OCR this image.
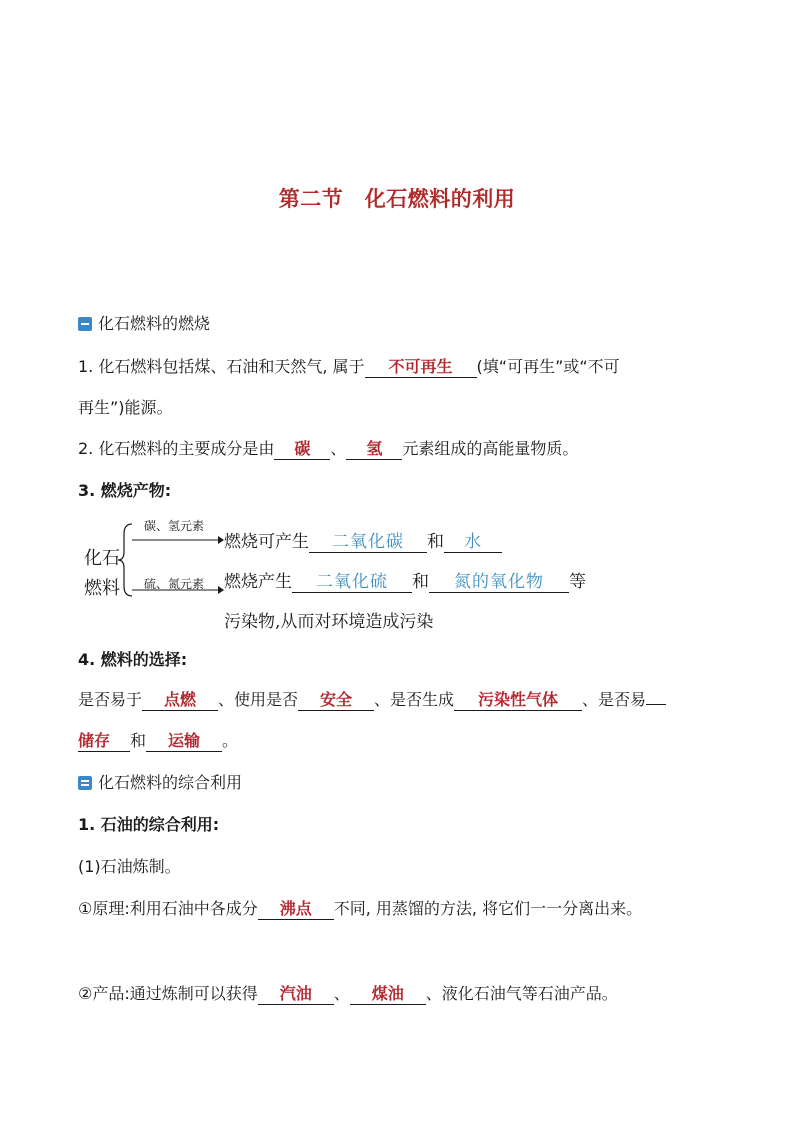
第二节　化石燃料的利用
化石燃料的燃烧
1. 化石燃料包括煤、石油和天然气, 属于 不可再生 (填“可再生”或“不可
再生”)能源。
2. 化石燃料的主要成分是由 碳 、 氢 元素组成的高能量物质。
3. 燃烧产物:
化石
燃料
碳、氢元素
硫、氮元素
燃烧可产生 二氧化碳 和 水
燃烧产生 二氧化硫 和 氮的氧化物 等
污染物,从而对环境造成污染
4. 燃料的选择:
是否易于 点燃 、使用是否 安全 、是否生成 污染性气体 、是否易
储存 和 运输 。
化石燃料的综合利用
1. 石油的综合利用:
(1)石油炼制。
①原理:利用石油中各成分 沸点 不同, 用蒸馏的方法, 将它们一一分离出来。
②产品:通过炼制可以获得 汽油 、 煤油 、液化石油气等石油产品。
